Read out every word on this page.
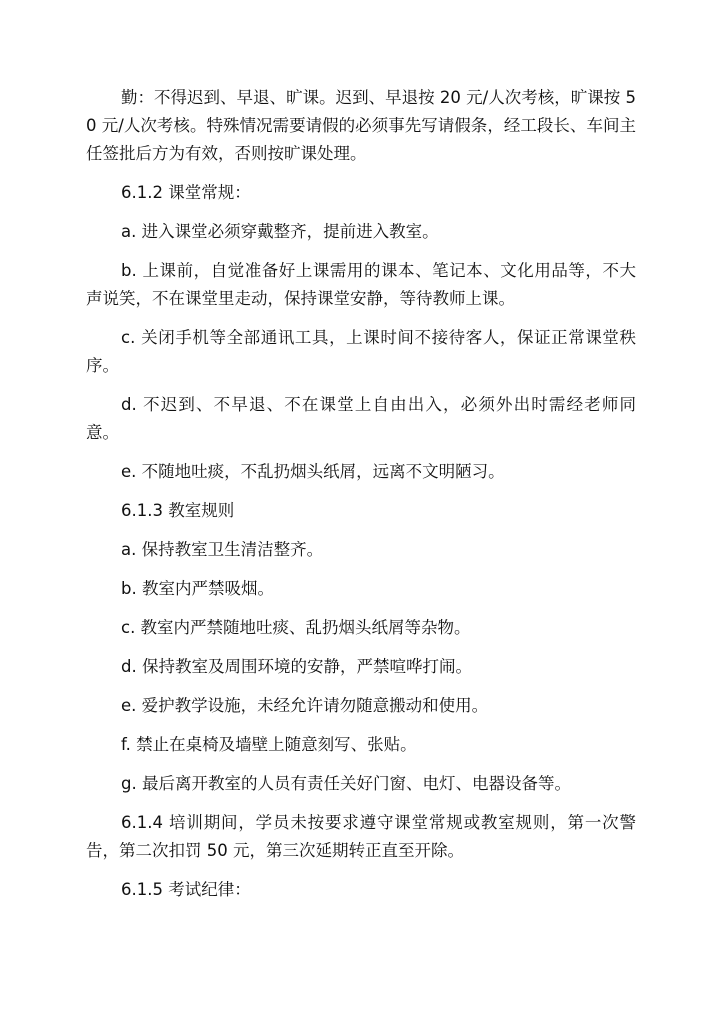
勤：不得迟到、早退、旷课。迟到、早退按 20 元/人次考核，旷课按 50 元/人次考核。特殊情况需要请假的必须事先写请假条，经工段长、车间主任签批后方为有效，否则按旷课处理。

6.1.2 课堂常规：

a. 进入课堂必须穿戴整齐，提前进入教室。

b. 上课前，自觉准备好上课需用的课本、笔记本、文化用品等，不大声说笑，不在课堂里走动，保持课堂安静，等待教师上课。

c. 关闭手机等全部通讯工具，上课时间不接待客人，保证正常课堂秩序。

d. 不迟到、不早退、不在课堂上自由出入，必须外出时需经老师同意。

e. 不随地吐痰，不乱扔烟头纸屑，远离不文明陋习。

6.1.3 教室规则

a. 保持教室卫生清洁整齐。

b. 教室内严禁吸烟。

c. 教室内严禁随地吐痰、乱扔烟头纸屑等杂物。

d. 保持教室及周围环境的安静，严禁喧哗打闹。

e. 爱护教学设施，未经允许请勿随意搬动和使用。

f. 禁止在桌椅及墙壁上随意刻写、张贴。

g. 最后离开教室的人员有责任关好门窗、电灯、电器设备等。

6.1.4 培训期间，学员未按要求遵守课堂常规或教室规则，第一次警告，第二次扣罚 50 元，第三次延期转正直至开除。

6.1.5 考试纪律：
